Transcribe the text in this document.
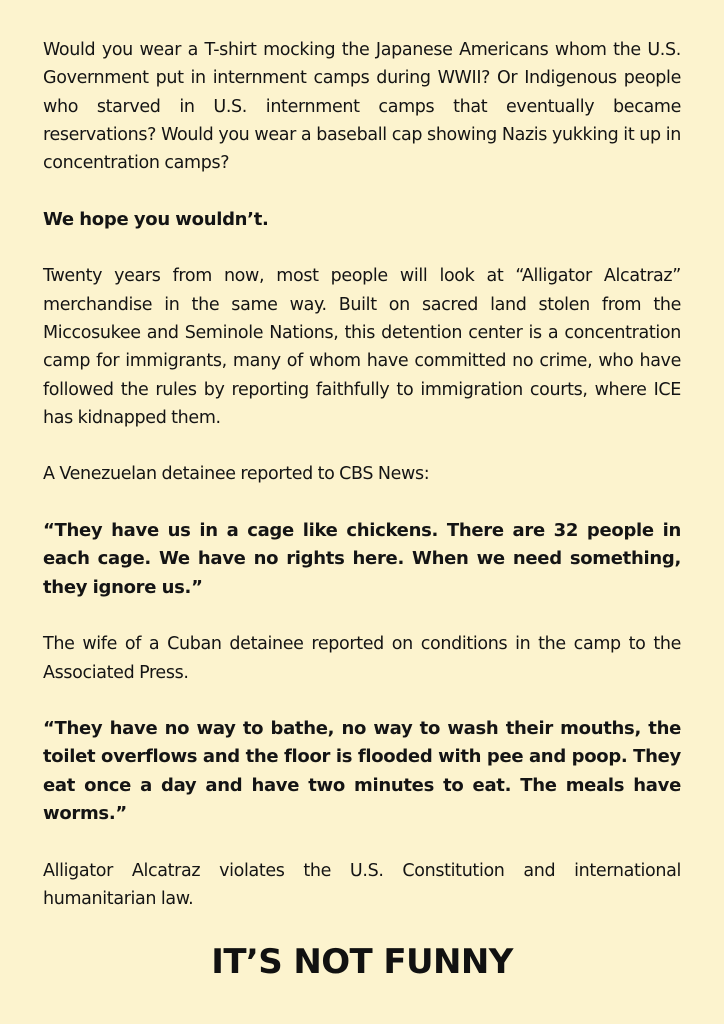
Would you wear a T-shirt mocking the Japanese Americans whom the U.S. Government put in internment camps during WWII? Or Indigenous people who starved in U.S. internment camps that eventually became reservations? Would you wear a baseball cap showing Nazis yukking it up in concentration camps?

We hope you wouldn’t.

Twenty years from now, most people will look at “Alligator Alcatraz” merchandise in the same way. Built on sacred land stolen from the Miccosukee and Seminole Nations, this detention center is a concentration camp for immigrants, many of whom have committed no crime, who have followed the rules by reporting faithfully to immigration courts, where ICE has kidnapped them.

A Venezuelan detainee reported to CBS News:

“They have us in a cage like chickens. There are 32 people in each cage. We have no rights here. When we need something, they ignore us.”

The wife of a Cuban detainee reported on conditions in the camp to the Associated Press.

“They have no way to bathe, no way to wash their mouths, the toilet overflows and the floor is flooded with pee and poop. They eat once a day and have two minutes to eat. The meals have worms.”

Alligator Alcatraz violates the U.S. Constitution and international humanitarian law.

IT’S NOT FUNNY
